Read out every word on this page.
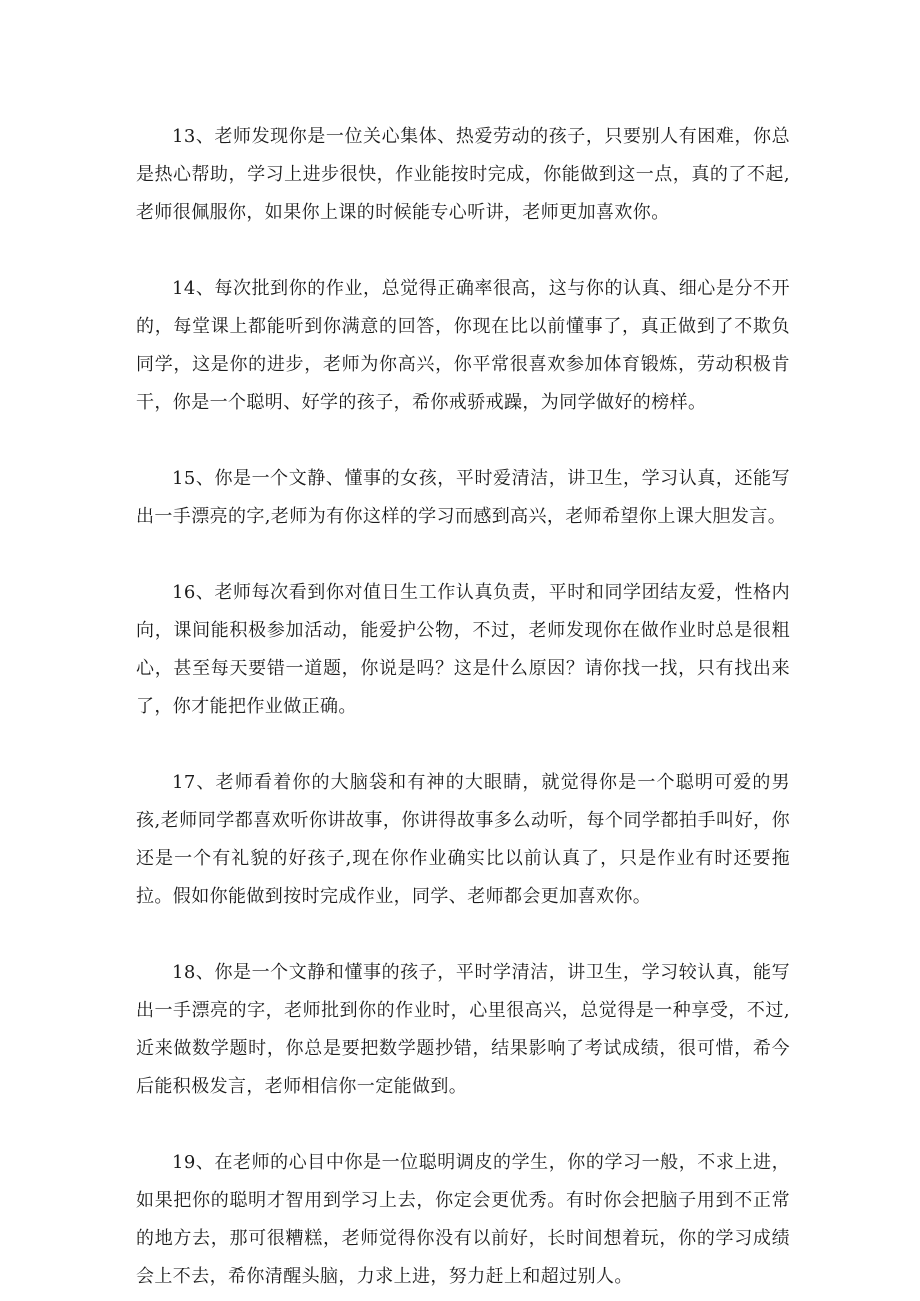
13、老师发现你是一位关心集体、热爱劳动的孩子，只要别人有困难，你总是热心帮助，学习上进步很快，作业能按时完成，你能做到这一点，真的了不起,老师很佩服你，如果你上课的时候能专心听讲，老师更加喜欢你。

14、每次批到你的作业，总觉得正确率很高，这与你的认真、细心是分不开的，每堂课上都能听到你满意的回答，你现在比以前懂事了，真正做到了不欺负同学，这是你的进步，老师为你高兴，你平常很喜欢参加体育锻炼，劳动积极肯干，你是一个聪明、好学的孩子，希你戒骄戒躁，为同学做好的榜样。

15、你是一个文静、懂事的女孩，平时爱清洁，讲卫生，学习认真，还能写出一手漂亮的字,老师为有你这样的学习而感到高兴，老师希望你上课大胆发言。

16、老师每次看到你对值日生工作认真负责，平时和同学团结友爱，性格内向，课间能积极参加活动，能爱护公物，不过，老师发现你在做作业时总是很粗心，甚至每天要错一道题，你说是吗？这是什么原因？请你找一找，只有找出来了，你才能把作业做正确。

17、老师看着你的大脑袋和有神的大眼睛，就觉得你是一个聪明可爱的男孩,老师同学都喜欢听你讲故事，你讲得故事多么动听，每个同学都拍手叫好，你还是一个有礼貌的好孩子,现在你作业确实比以前认真了，只是作业有时还要拖拉。假如你能做到按时完成作业，同学、老师都会更加喜欢你。

18、你是一个文静和懂事的孩子，平时学清洁，讲卫生，学习较认真，能写出一手漂亮的字，老师批到你的作业时，心里很高兴，总觉得是一种享受，不过,近来做数学题时，你总是要把数学题抄错，结果影响了考试成绩，很可惜，希今后能积极发言，老师相信你一定能做到。

19、在老师的心目中你是一位聪明调皮的学生，你的学习一般，不求上进，如果把你的聪明才智用到学习上去，你定会更优秀。有时你会把脑子用到不正常的地方去，那可很糟糕，老师觉得你没有以前好，长时间想着玩，你的学习成绩会上不去，希你清醒头脑，力求上进，努力赶上和超过别人。
